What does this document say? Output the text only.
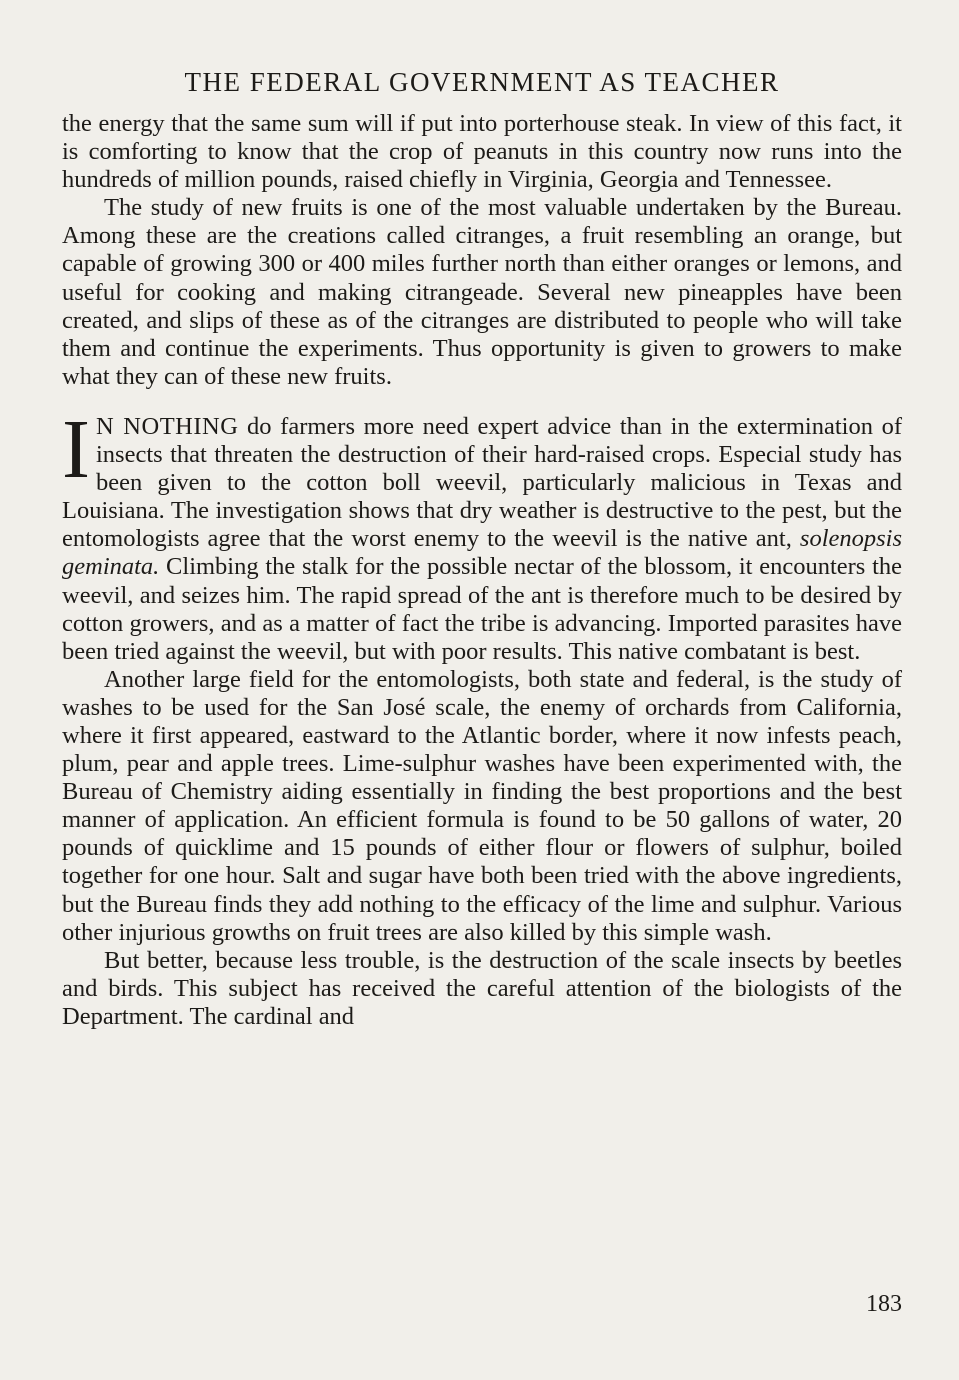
THE FEDERAL GOVERNMENT AS TEACHER

the energy that the same sum will if put into porterhouse steak. In view of this fact, it is comforting to know that the crop of peanuts in this country now runs into the hundreds of million pounds, raised chiefly in Virginia, Georgia and Tennessee.

The study of new fruits is one of the most valuable undertaken by the Bureau. Among these are the creations called citranges, a fruit resembling an orange, but capable of growing 300 or 400 miles further north than either oranges or lemons, and useful for cooking and making citrangeade. Several new pineapples have been created, and slips of these as of the citranges are distributed to people who will take them and continue the experiments. Thus opportunity is given to growers to make what they can of these new fruits.

I N NOTHING do farmers more need expert advice than in the extermination of insects that threaten the destruction of their hard-raised crops. Especial study has been given to the cotton boll weevil, particularly malicious in Texas and Louisiana. The investigation shows that dry weather is destructive to the pest, but the entomologists agree that the worst enemy to the weevil is the native ant, solenopsis geminata. Climbing the stalk for the possible nectar of the blossom, it encounters the weevil, and seizes him. The rapid spread of the ant is therefore much to be desired by cotton growers, and as a matter of fact the tribe is advancing. Imported parasites have been tried against the weevil, but with poor results. This native combatant is best.

Another large field for the entomologists, both state and federal, is the study of washes to be used for the San José scale, the enemy of orchards from California, where it first appeared, eastward to the Atlantic border, where it now infests peach, plum, pear and apple trees. Lime-sulphur washes have been experimented with, the Bureau of Chemistry aiding essentially in finding the best proportions and the best manner of application. An efficient formula is found to be 50 gallons of water, 20 pounds of quicklime and 15 pounds of either flour or flowers of sulphur, boiled together for one hour. Salt and sugar have both been tried with the above ingredients, but the Bureau finds they add nothing to the efficacy of the lime and sulphur. Various other injurious growths on fruit trees are also killed by this simple wash.

But better, because less trouble, is the destruction of the scale insects by beetles and birds. This subject has received the careful attention of the biologists of the Department. The cardinal and

183
